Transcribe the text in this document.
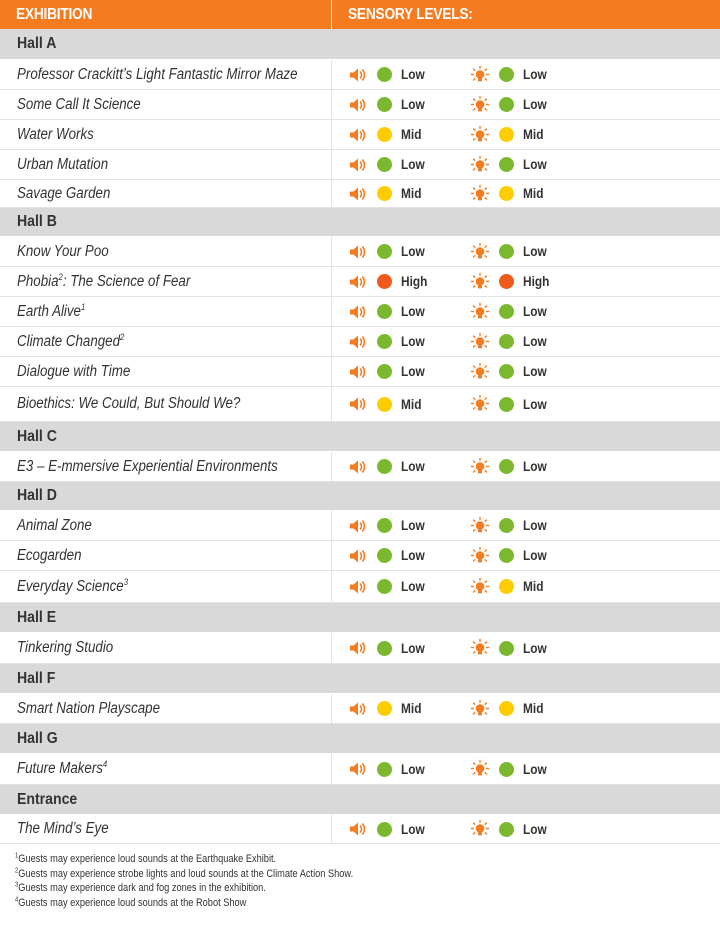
EXHIBITION	SENSORY LEVELS:
Hall A
Professor Crackitt’s Light Fantastic Mirror Maze	Low	Low
Some Call It Science	Low	Low
Water Works	Mid	Mid
Urban Mutation	Low	Low
Savage Garden	Mid	Mid
Hall B
Know Your Poo	Low	Low
Phobia$^2$: The Science of Fear	High	High
Earth Alive$^1$	Low	Low
Climate Changed$^2$	Low	Low
Dialogue with Time	Low	Low
Bioethics: We Could, But Should We?	Mid	Low
Hall C
E3 – E-mmersive Experiential Environments	Low	Low
Hall D
Animal Zone	Low	Low
Ecogarden	Low	Low
Everyday Science$^3$	Low	Mid
Hall E
Tinkering Studio	Low	Low
Hall F
Smart Nation Playscape	Mid	Mid
Hall G
Future Makers$^4$	Low	Low
Entrance
The Mind’s Eye	Low	Low
$^1$Guests may experience loud sounds at the Earthquake Exhibit.
$^2$Guests may experience strobe lights and loud sounds at the Climate Action Show.
$^3$Guests may experience dark and fog zones in the exhibition.
$^4$Guests may experience loud sounds at the Robot Show
